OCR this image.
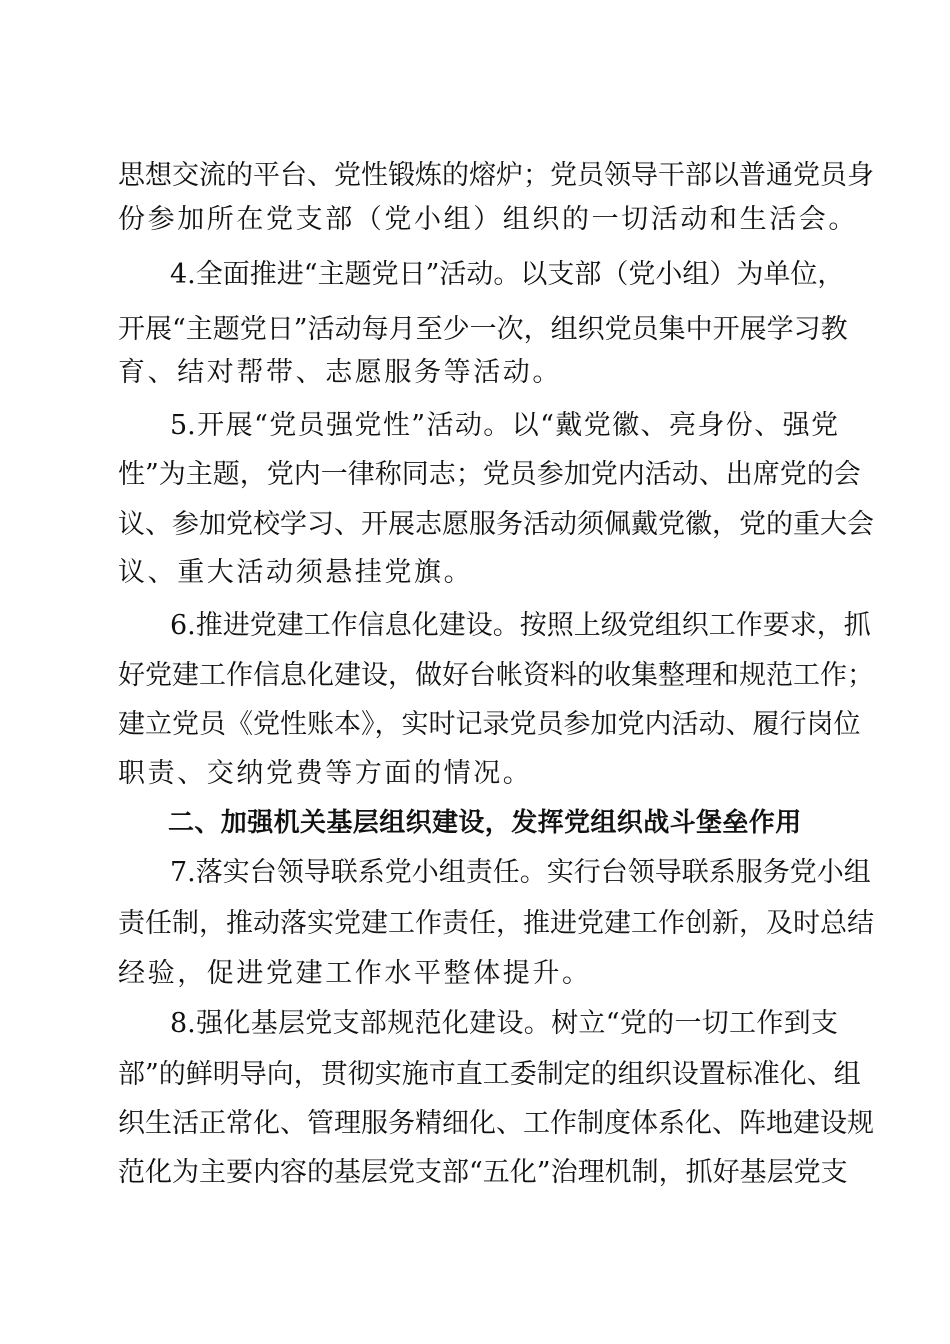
思想交流的平台、党性锻炼的熔炉；党员领导干部以普通党员身
份参加所在党支部（党小组）组织的一切活动和生活会。
4.全面推进“主题党日”活动。以支部（党小组）为单位，
开展“主题党日”活动每月至少一次，组织党员集中开展学习教
育、结对帮带、志愿服务等活动。
5.开展“党员强党性”活动。以“戴党徽、亮身份、强党
性”为主题，党内一律称同志；党员参加党内活动、出席党的会
议、参加党校学习、开展志愿服务活动须佩戴党徽，党的重大会
议、重大活动须悬挂党旗。
6.推进党建工作信息化建设。按照上级党组织工作要求，抓
好党建工作信息化建设，做好台帐资料的收集整理和规范工作；
建立党员《党性账本》，实时记录党员参加党内活动、履行岗位
职责、交纳党费等方面的情况。
二、加强机关基层组织建设，发挥党组织战斗堡垒作用
7.落实台领导联系党小组责任。实行台领导联系服务党小组
责任制，推动落实党建工作责任，推进党建工作创新，及时总结
经验，促进党建工作水平整体提升。
8.强化基层党支部规范化建设。树立“党的一切工作到支
部”的鲜明导向，贯彻实施市直工委制定的组织设置标准化、组
织生活正常化、管理服务精细化、工作制度体系化、阵地建设规
范化为主要内容的基层党支部“五化”治理机制，抓好基层党支
